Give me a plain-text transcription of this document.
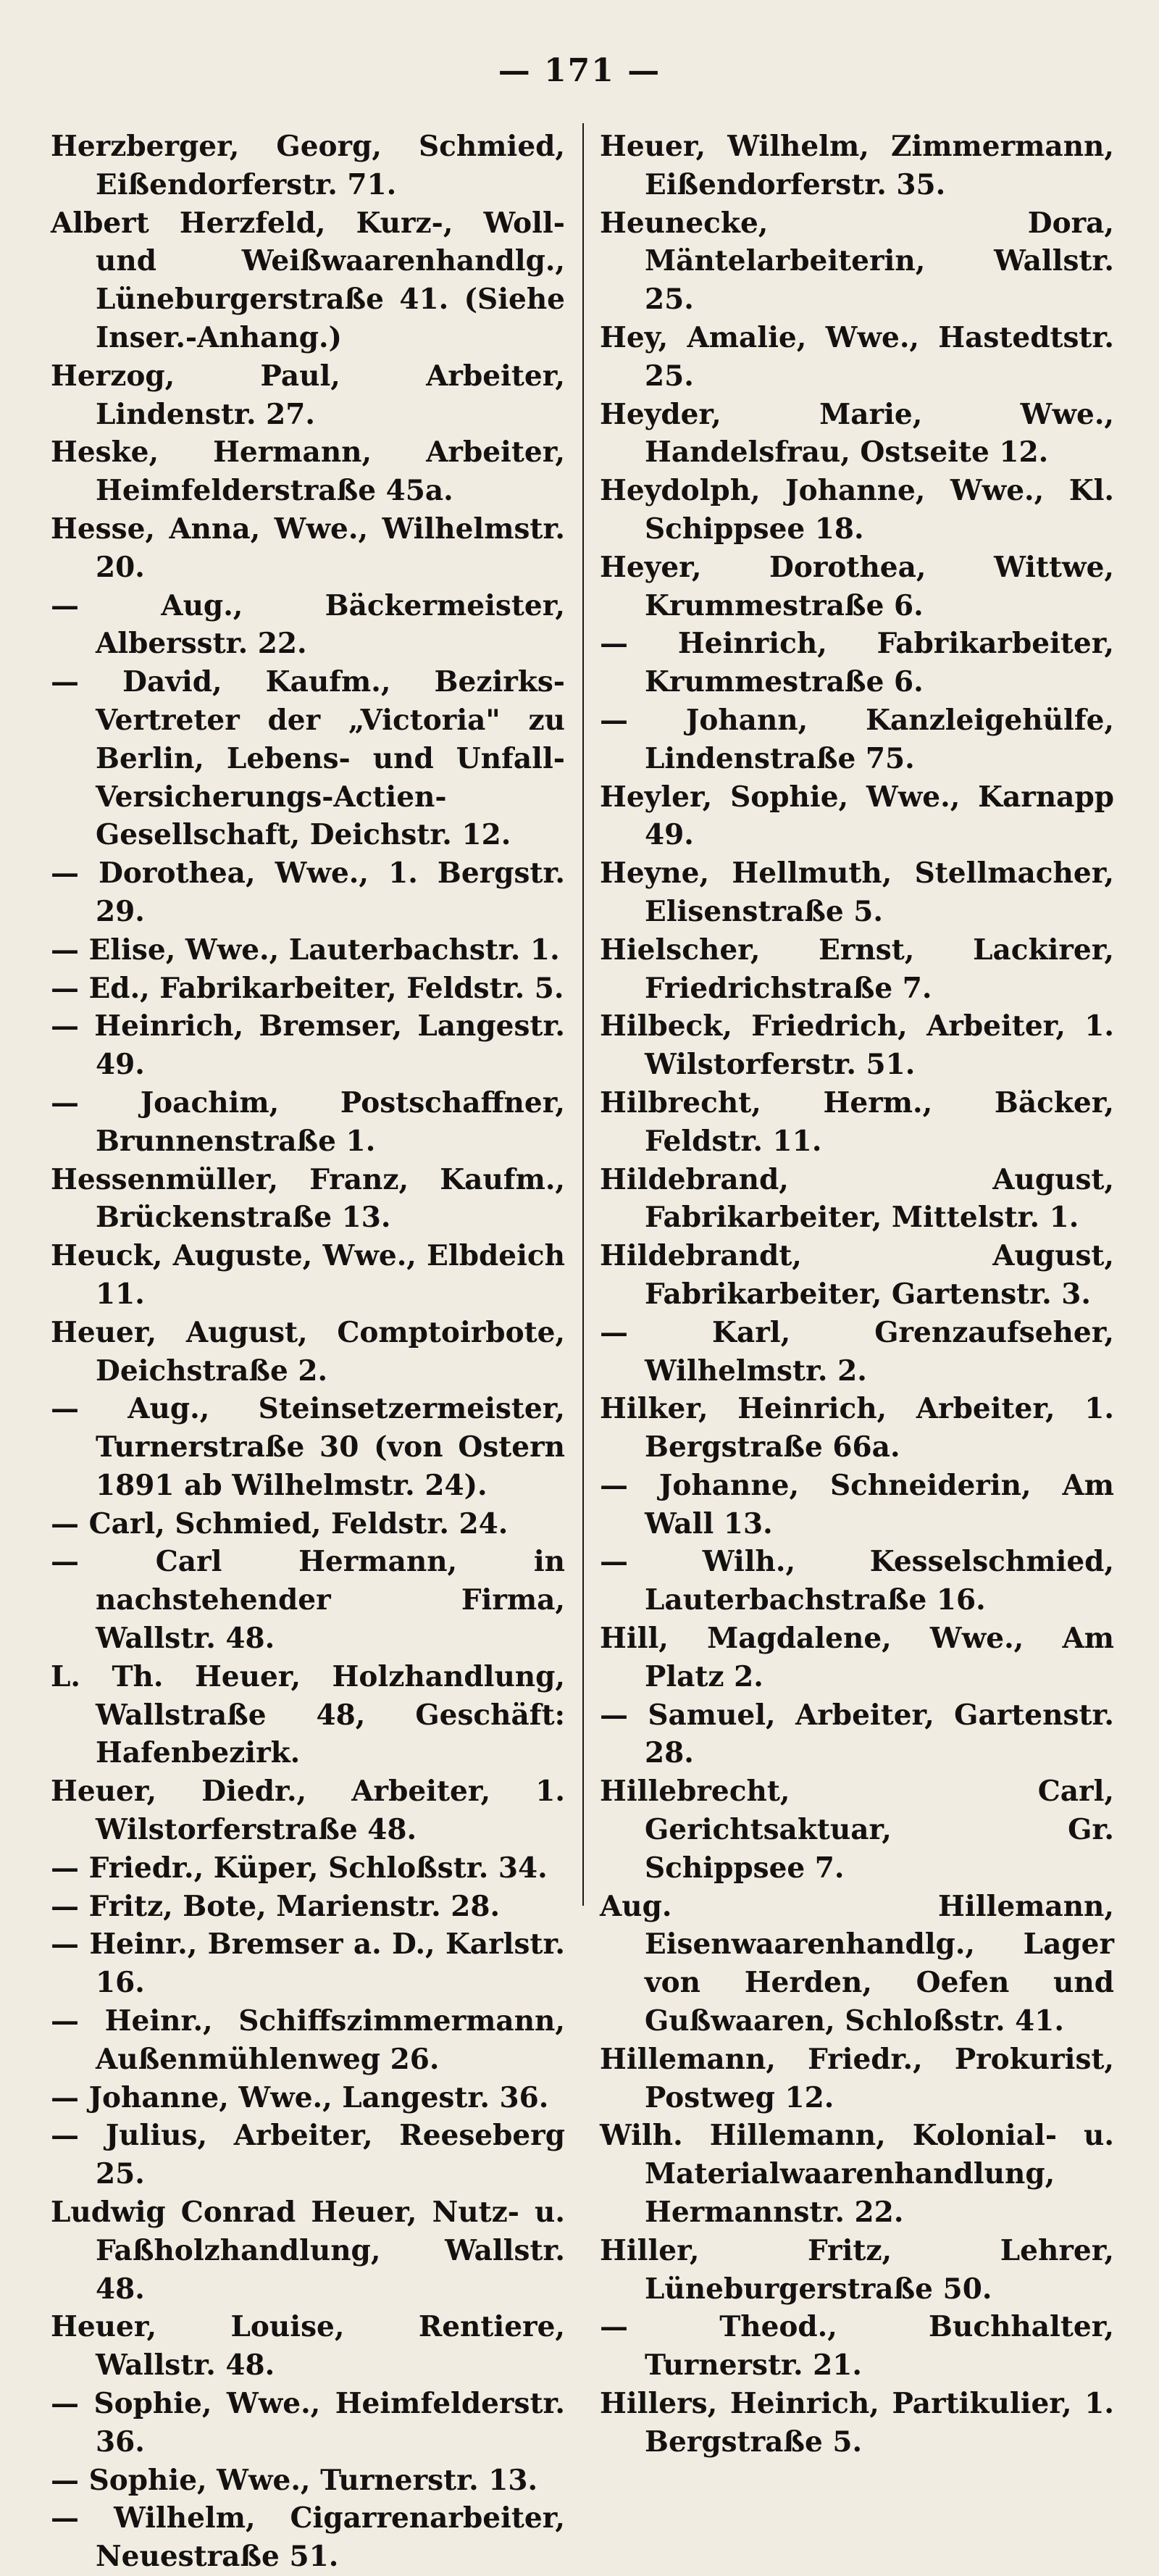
— 171 —
Herzberger, Georg, Schmied, Eißendorferstr. 71.
Albert Herzfeld, Kurz-, Woll- und Weißwaarenhandlg., Lüneburgerstraße 41. (Siehe Inser.-Anhang.)
Herzog, Paul, Arbeiter, Lindenstr. 27.
Heske, Hermann, Arbeiter, Heimfelderstraße 45a.
Hesse, Anna, Wwe., Wilhelmstr. 20.
— Aug., Bäckermeister, Albersstr. 22.
— David, Kaufm., Bezirks-Vertreter der „Victoria" zu Berlin, Lebens- und Unfall-Versicherungs-Actien-Gesellschaft, Deichstr. 12.
— Dorothea, Wwe., 1. Bergstr. 29.
— Elise, Wwe., Lauterbachstr. 1.
— Ed., Fabrikarbeiter, Feldstr. 5.
— Heinrich, Bremser, Langestr. 49.
— Joachim, Postschaffner, Brunnenstraße 1.
Hessenmüller, Franz, Kaufm., Brückenstraße 13.
Heuck, Auguste, Wwe., Elbdeich 11.
Heuer, August, Comptoirbote, Deichstraße 2.
— Aug., Steinsetzermeister, Turnerstraße 30 (von Ostern 1891 ab Wilhelmstr. 24).
— Carl, Schmied, Feldstr. 24.
— Carl Hermann, in nachstehender Firma, Wallstr. 48.
L. Th. Heuer, Holzhandlung, Wallstraße 48, Geschäft: Hafenbezirk.
Heuer, Diedr., Arbeiter, 1. Wilstorferstraße 48.
— Friedr., Küper, Schloßstr. 34.
— Fritz, Bote, Marienstr. 28.
— Heinr., Bremser a. D., Karlstr. 16.
— Heinr., Schiffszimmermann, Außenmühlenweg 26.
— Johanne, Wwe., Langestr. 36.
— Julius, Arbeiter, Reeseberg 25.
Ludwig Conrad Heuer, Nutz- u. Faßholzhandlung, Wallstr. 48.
Heuer, Louise, Rentiere, Wallstr. 48.
— Sophie, Wwe., Heimfelderstr. 36.
— Sophie, Wwe., Turnerstr. 13.
— Wilhelm, Cigarrenarbeiter, Neuestraße 51.
Heuer, Wilhelm, Zimmermann, Eißendorferstr. 35.
Heunecke, Dora, Mäntelarbeiterin, Wallstr. 25.
Hey, Amalie, Wwe., Hastedtstr. 25.
Heyder, Marie, Wwe., Handelsfrau, Ostseite 12.
Heydolph, Johanne, Wwe., Kl. Schippsee 18.
Heyer, Dorothea, Wittwe, Krummestraße 6.
— Heinrich, Fabrikarbeiter, Krummestraße 6.
— Johann, Kanzleigehülfe, Lindenstraße 75.
Heyler, Sophie, Wwe., Karnapp 49.
Heyne, Hellmuth, Stellmacher, Elisenstraße 5.
Hielscher, Ernst, Lackirer, Friedrichstraße 7.
Hilbeck, Friedrich, Arbeiter, 1. Wilstorferstr. 51.
Hilbrecht, Herm., Bäcker, Feldstr. 11.
Hildebrand, August, Fabrikarbeiter, Mittelstr. 1.
Hildebrandt, August, Fabrikarbeiter, Gartenstr. 3.
— Karl, Grenzaufseher, Wilhelmstr. 2.
Hilker, Heinrich, Arbeiter, 1. Bergstraße 66a.
— Johanne, Schneiderin, Am Wall 13.
— Wilh., Kesselschmied, Lauterbachstraße 16.
Hill, Magdalene, Wwe., Am Platz 2.
— Samuel, Arbeiter, Gartenstr. 28.
Hillebrecht, Carl, Gerichtsaktuar, Gr. Schippsee 7.
Aug. Hillemann, Eisenwaarenhandlg., Lager von Herden, Oefen und Gußwaaren, Schloßstr. 41.
Hillemann, Friedr., Prokurist, Postweg 12.
Wilh. Hillemann, Kolonial- u. Materialwaarenhandlung, Hermannstr. 22.
Hiller, Fritz, Lehrer, Lüneburgerstraße 50.
— Theod., Buchhalter, Turnerstr. 21.
Hillers, Heinrich, Partikulier, 1. Bergstraße 5.
